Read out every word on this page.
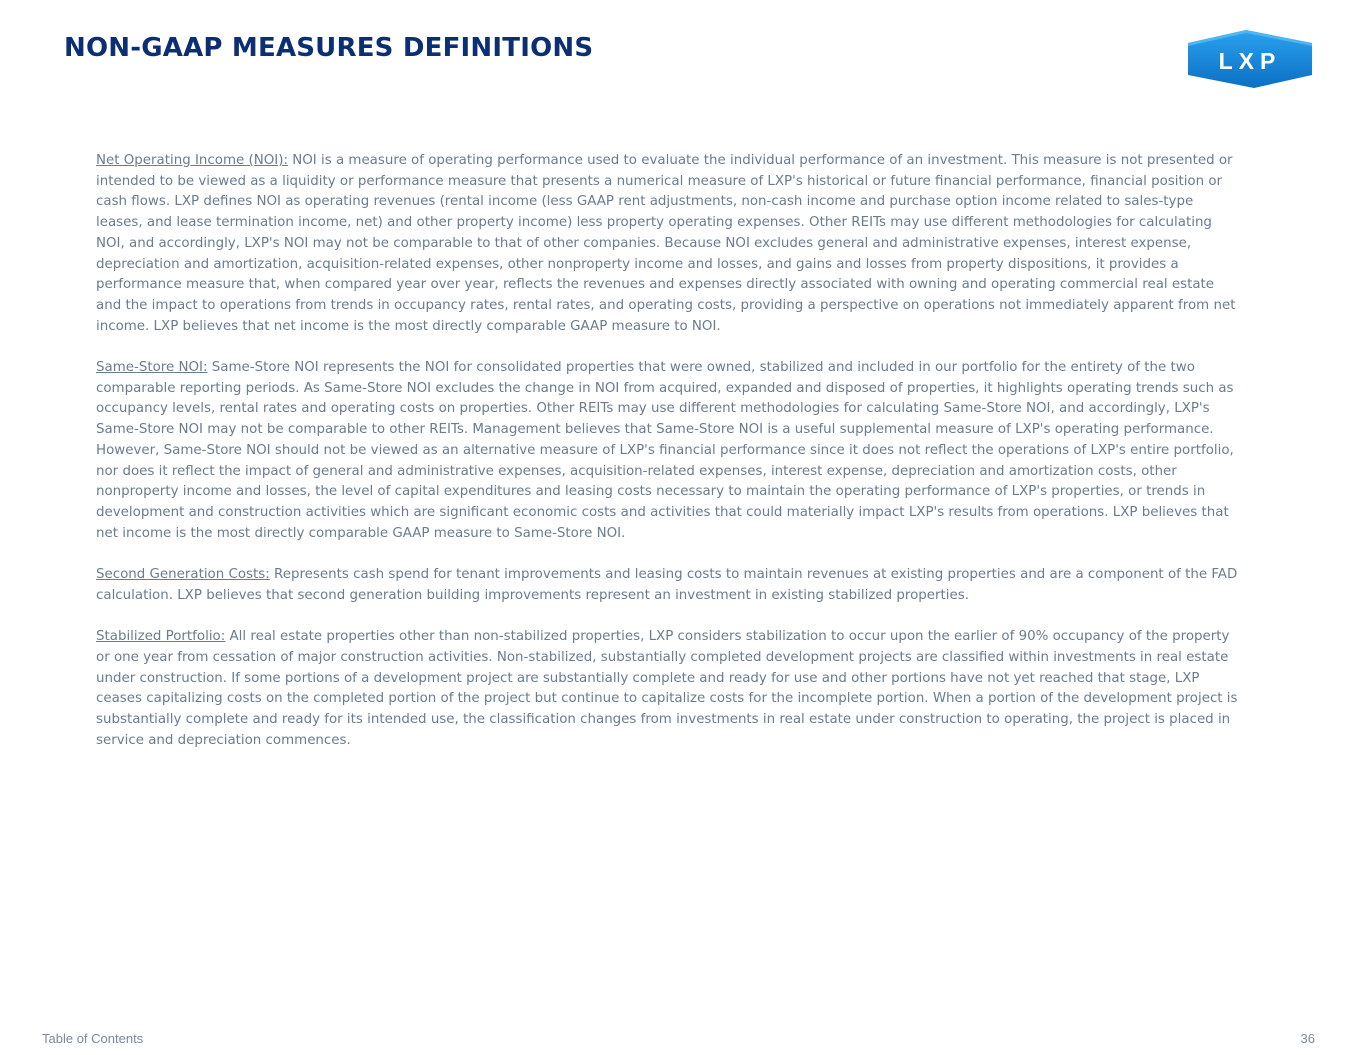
NON-GAAP MEASURES DEFINITIONS	LXP

Net Operating Income (NOI): NOI is a measure of operating performance used to evaluate the individual performance of an investment. This measure is not presented or intended to be viewed as a liquidity or performance measure that presents a numerical measure of LXP's historical or future financial performance, financial position or cash flows. LXP defines NOI as operating revenues (rental income (less GAAP rent adjustments, non-cash income and purchase option income related to sales-type leases, and lease termination income, net) and other property income) less property operating expenses. Other REITs may use different methodologies for calculating NOI, and accordingly, LXP's NOI may not be comparable to that of other companies. Because NOI excludes general and administrative expenses, interest expense, depreciation and amortization, acquisition-related expenses, other nonproperty income and losses, and gains and losses from property dispositions, it provides a performance measure that, when compared year over year, reflects the revenues and expenses directly associated with owning and operating commercial real estate and the impact to operations from trends in occupancy rates, rental rates, and operating costs, providing a perspective on operations not immediately apparent from net income. LXP believes that net income is the most directly comparable GAAP measure to NOI.

Same-Store NOI: Same-Store NOI represents the NOI for consolidated properties that were owned, stabilized and included in our portfolio for the entirety of the two comparable reporting periods. As Same-Store NOI excludes the change in NOI from acquired, expanded and disposed of properties, it highlights operating trends such as occupancy levels, rental rates and operating costs on properties. Other REITs may use different methodologies for calculating Same-Store NOI, and accordingly, LXP's Same-Store NOI may not be comparable to other REITs. Management believes that Same-Store NOI is a useful supplemental measure of LXP's operating performance. However, Same-Store NOI should not be viewed as an alternative measure of LXP's financial performance since it does not reflect the operations of LXP's entire portfolio, nor does it reflect the impact of general and administrative expenses, acquisition-related expenses, interest expense, depreciation and amortization costs, other nonproperty income and losses, the level of capital expenditures and leasing costs necessary to maintain the operating performance of LXP's properties, or trends in development and construction activities which are significant economic costs and activities that could materially impact LXP's results from operations. LXP believes that net income is the most directly comparable GAAP measure to Same-Store NOI.

Second Generation Costs: Represents cash spend for tenant improvements and leasing costs to maintain revenues at existing properties and are a component of the FAD calculation. LXP believes that second generation building improvements represent an investment in existing stabilized properties.

Stabilized Portfolio: All real estate properties other than non-stabilized properties, LXP considers stabilization to occur upon the earlier of 90% occupancy of the property or one year from cessation of major construction activities. Non-stabilized, substantially completed development projects are classified within investments in real estate under construction. If some portions of a development project are substantially complete and ready for use and other portions have not yet reached that stage, LXP ceases capitalizing costs on the completed portion of the project but continue to capitalize costs for the incomplete portion. When a portion of the development project is substantially complete and ready for its intended use, the classification changes from investments in real estate under construction to operating, the project is placed in service and depreciation commences.

Table of Contents	36
